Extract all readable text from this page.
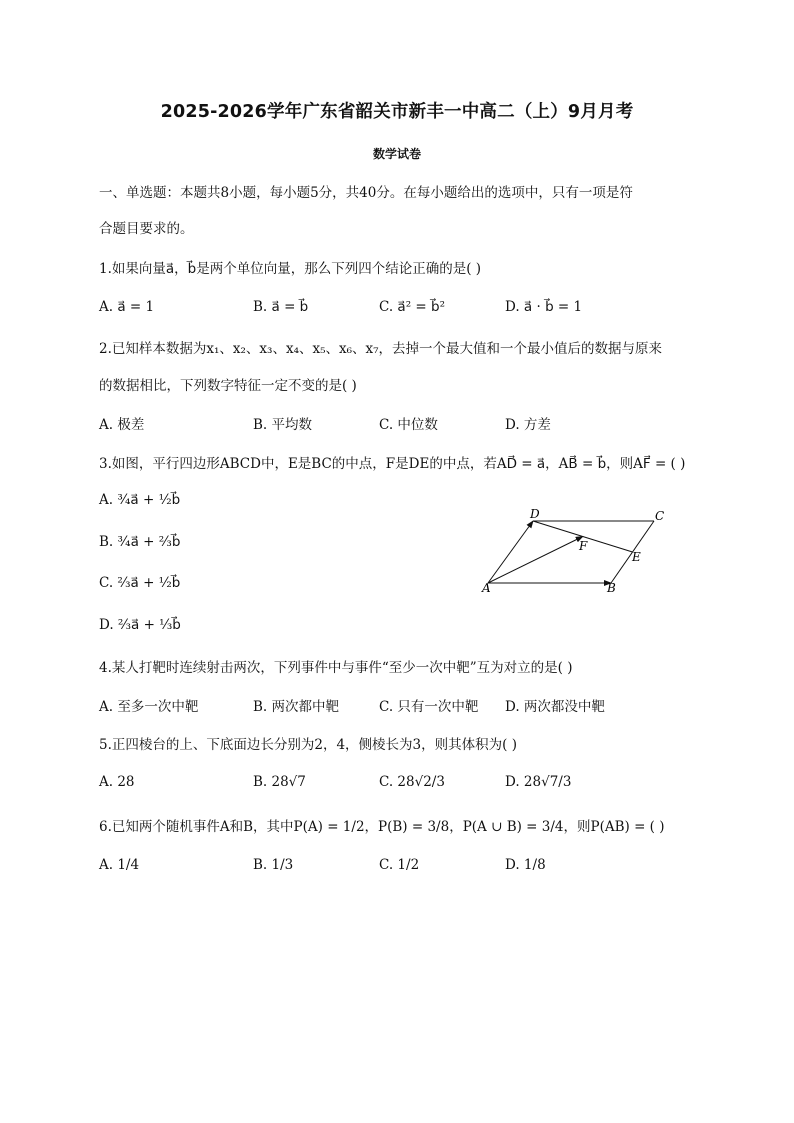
2025-2026学年广东省韶关市新丰一中高二（上）9月月考
数学试卷
一、单选题：本题共8小题，每小题5分，共40分。在每小题给出的选项中，只有一项是符
合题目要求的。
1.如果向量a⃗，b⃗是两个单位向量，那么下列四个结论正确的是( )
A. a⃗ = 1	B. a⃗ = b⃗	C. a⃗² = b⃗²	D. a⃗ · b⃗ = 1
2.已知样本数据为x₁、x₂、x₃、x₄、x₅、x₆、x₇，去掉一个最大值和一个最小值后的数据与原来
的数据相比，下列数字特征一定不变的是( )
A. 极差	B. 平均数	C. 中位数	D. 方差
3.如图，平行四边形ABCD中，E是BC的中点，F是DE的中点，若AD⃗ = a⃗，AB⃗ = b⃗，则AF⃗ = ( )
A. ³⁄₄a⃗ + ¹⁄₂b⃗
B. ³⁄₄a⃗ + ²⁄₃b⃗
C. ²⁄₃a⃗ + ¹⁄₂b⃗
D. ²⁄₃a⃗ + ¹⁄₃b⃗
A	B
C
D
E
F
4.某人打靶时连续射击两次，下列事件中与事件“至少一次中靶”互为对立的是( )
A. 至多一次中靶	B. 两次都中靶	C. 只有一次中靶 D. 两次都没中靶
5.正四棱台的上、下底面边长分别为2，4，侧棱长为3，则其体积为( )
A. 28	B. 28√7	C. 28√2/3	D. 28√7/3
6.已知两个随机事件A和B，其中P(A) = 1/2，P(B) = 3/8，P(A ∪ B) = 3/4，则P(AB) = ( )
A. 1/4	B. 1/3	C. 1/2	D. 1/8
